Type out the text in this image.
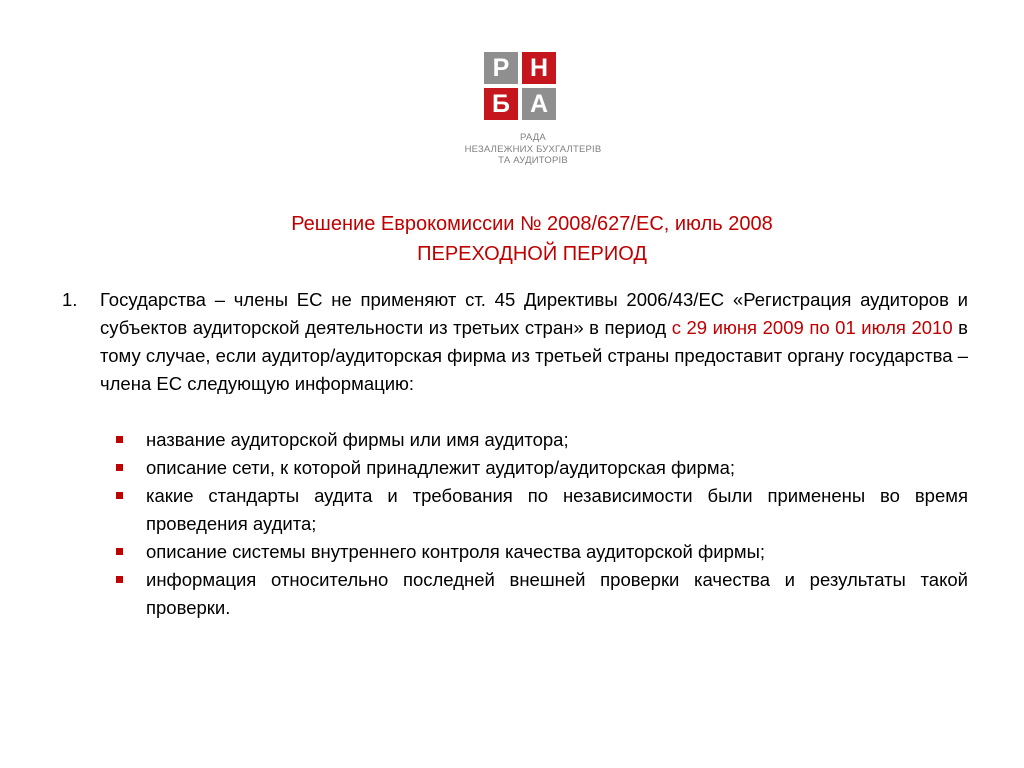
Р Н
Б А
РАДА
НЕЗАЛЕЖНИХ БУХГАЛТЕРІВ
ТА АУДИТОРІВ
Решение Еврокомиссии № 2008/627/ЕС, июль 2008
ПЕРЕХОДНОЙ ПЕРИОД
1.	Государства – члены ЕС не применяют ст. 45 Директивы 2006/43/ЕС «Регистрация аудиторов и субъектов аудиторской деятельности из третьих стран» в период с 29 июня 2009 по 01 июля 2010 в тому случае, если аудитор/аудиторская фирма из третьей страны предоставит органу государства – члена ЕС следующую информацию:
название аудиторской фирмы или имя аудитора;
описание сети, к которой принадлежит аудитор/аудиторская фирма;
какие стандарты аудита и требования по независимости были применены во время проведения аудита;
описание системы внутреннего контроля качества аудиторской фирмы;
информация относительно последней внешней проверки качества и результаты такой проверки.
